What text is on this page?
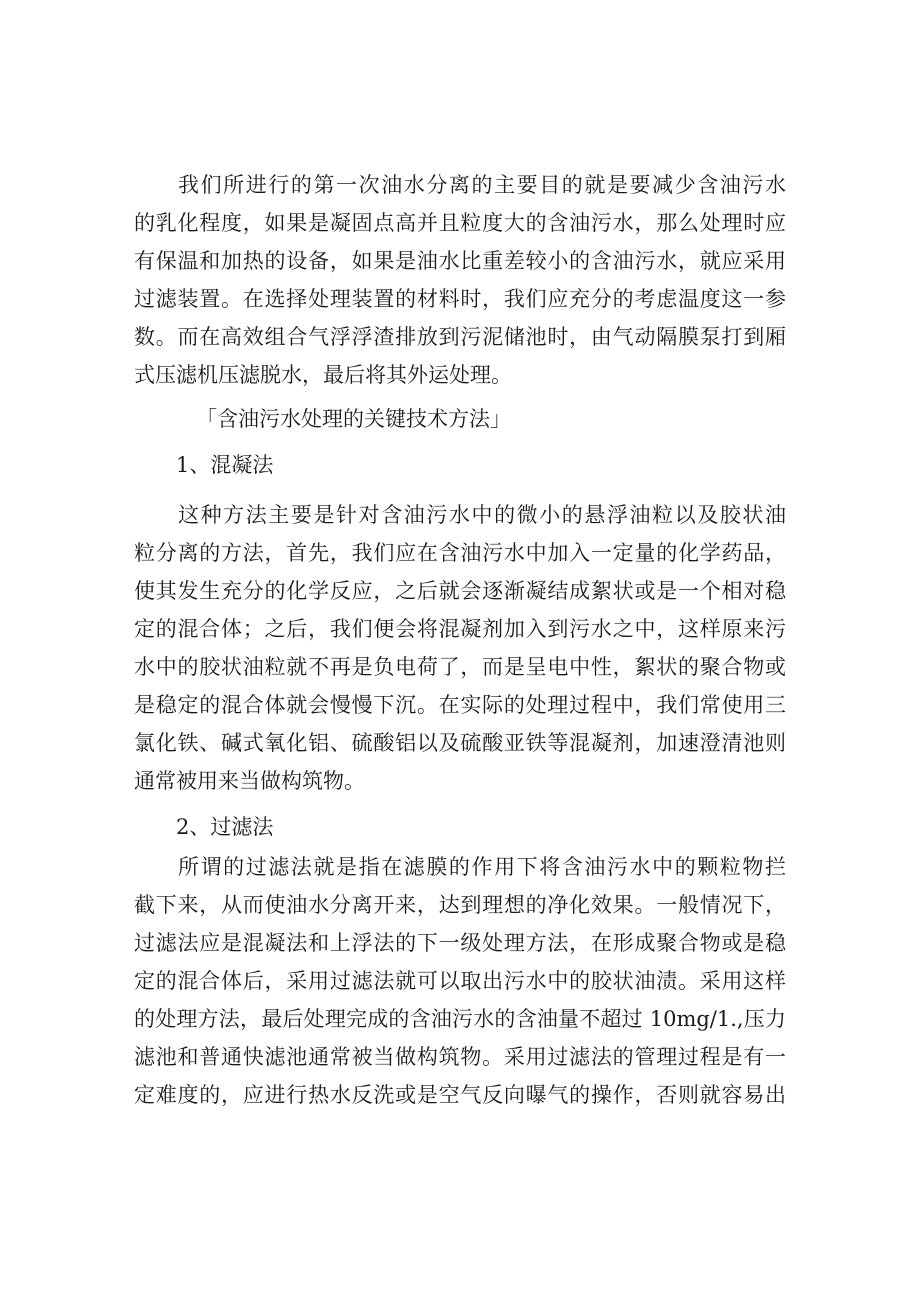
我们所进行的第一次油水分离的主要目的就是要减少含油污水
的乳化程度，如果是凝固点高并且粒度大的含油污水，那么处理时应
有保温和加热的设备，如果是油水比重差较小的含油污水，就应采用
过滤装置。在选择处理装置的材料时，我们应充分的考虑温度这一参
数。而在高效组合气浮浮渣排放到污泥储池时，由气动隔膜泵打到厢
式压滤机压滤脱水，最后将其外运处理。
「含油污水处理的关键技术方法」
1、混凝法
这种方法主要是针对含油污水中的微小的悬浮油粒以及胶状油
粒分离的方法，首先，我们应在含油污水中加入一定量的化学药品，
使其发生充分的化学反应，之后就会逐渐凝结成絮状或是一个相对稳
定的混合体；之后，我们便会将混凝剂加入到污水之中，这样原来污
水中的胶状油粒就不再是负电荷了，而是呈电中性，絮状的聚合物或
是稳定的混合体就会慢慢下沉。在实际的处理过程中，我们常使用三
氯化铁、碱式氧化铝、硫酸铝以及硫酸亚铁等混凝剂，加速澄清池则
通常被用来当做构筑物。
2、过滤法
所谓的过滤法就是指在滤膜的作用下将含油污水中的颗粒物拦
截下来，从而使油水分离开来，达到理想的净化效果。一般情况下，
过滤法应是混凝法和上浮法的下一级处理方法，在形成聚合物或是稳
定的混合体后，采用过滤法就可以取出污水中的胶状油渍。采用这样
的处理方法，最后处理完成的含油污水的含油量不超过 10mg/1.,压力
滤池和普通快滤池通常被当做构筑物。采用过滤法的管理过程是有一
定难度的，应进行热水反洗或是空气反向曝气的操作，否则就容易出
